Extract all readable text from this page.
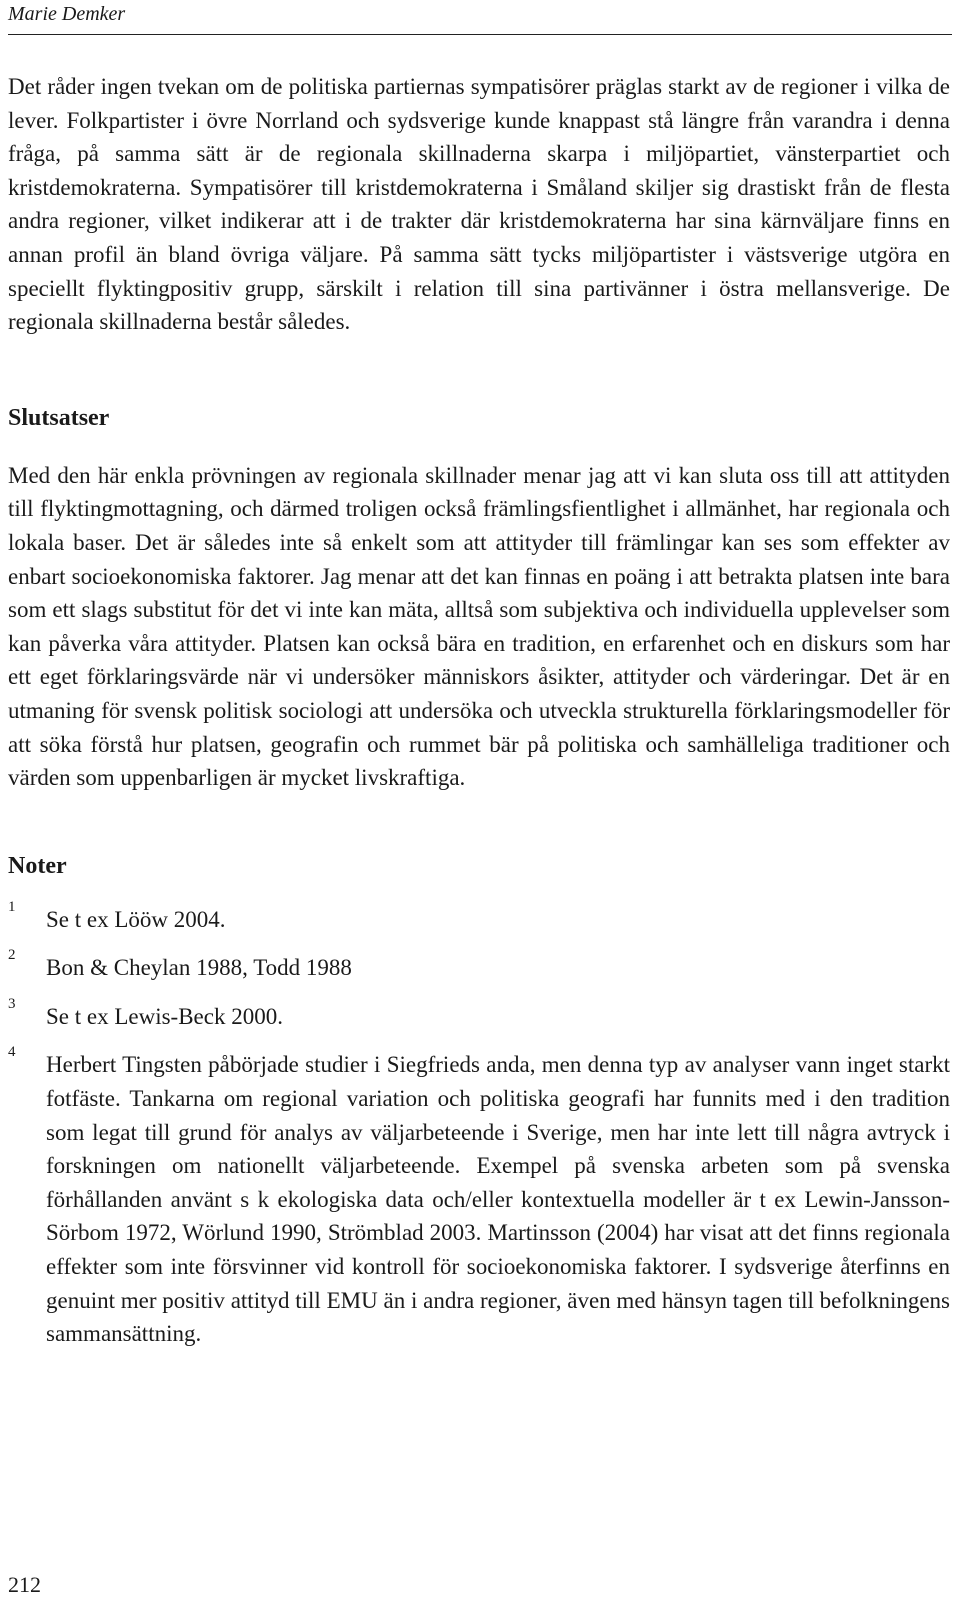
Marie Demker

Det råder ingen tvekan om de politiska partiernas sympatisörer präglas starkt av de regioner i vilka de lever. Folkpartister i övre Norrland och sydsverige kunde knappast stå längre från varandra i denna fråga, på samma sätt är de regionala skillnaderna skarpa i miljöpartiet, vänsterpartiet och kristdemokraterna. Sympatisörer till kristdemokraterna i Småland skiljer sig drastiskt från de flesta andra regioner, vilket indikerar att i de trakter där kristdemokraterna har sina kärnväljare finns en annan profil än bland övriga väljare. På samma sätt tycks miljöpartister i västsverige utgöra en speciellt flyktingpositiv grupp, särskilt i relation till sina partivänner i östra mellansverige. De regionala skillnaderna består således.

Slutsatser

Med den här enkla prövningen av regionala skillnader menar jag att vi kan sluta oss till att attityden till flyktingmottagning, och därmed troligen också främlingsfientlighet i allmänhet, har regionala och lokala baser. Det är således inte så enkelt som att attityder till främlingar kan ses som effekter av enbart socioekonomiska faktorer. Jag menar att det kan finnas en poäng i att betrakta platsen inte bara som ett slags substitut för det vi inte kan mäta, alltså som subjektiva och individuella upplevelser som kan påverka våra attityder. Platsen kan också bära en tradition, en erfarenhet och en diskurs som har ett eget förklaringsvärde när vi undersöker människors åsikter, attityder och värderingar. Det är en utmaning för svensk politisk sociologi att undersöka och utveckla strukturella förklaringsmodeller för att söka förstå hur platsen, geografin och rummet bär på politiska och samhälleliga traditioner och värden som uppenbarligen är mycket livskraftiga.

Noter
1 Se t ex Lööw 2004.
2 Bon & Cheylan 1988, Todd 1988
3 Se t ex Lewis-Beck 2000.
4 Herbert Tingsten påbörjade studier i Siegfrieds anda, men denna typ av analyser vann inget starkt fotfäste. Tankarna om regional variation och politiska geografi har funnits med i den tradition som legat till grund för analys av väljarbeteende i Sverige, men har inte lett till några avtryck i forskningen om nationellt väljarbeteende. Exempel på svenska arbeten som på svenska förhållanden använt s k ekologiska data och/eller kontextuella modeller är t ex Lewin-Jansson-Sörbom 1972, Wörlund 1990, Strömblad 2003. Martinsson (2004) har visat att det finns regionala effekter som inte försvinner vid kontroll för socioekonomiska faktorer. I sydsverige återfinns en genuint mer positiv attityd till EMU än i andra regioner, även med hänsyn tagen till befolkningens sammansättning.
212
